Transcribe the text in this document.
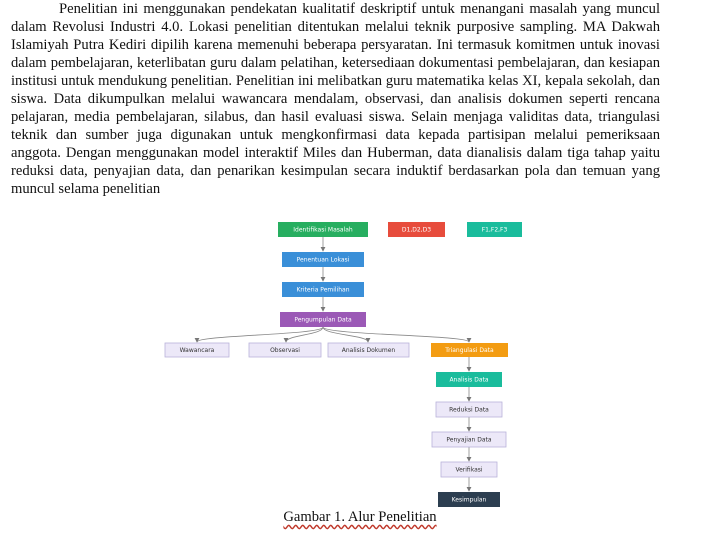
Penelitian ini menggunakan pendekatan kualitatif deskriptif untuk menangani masalah yang muncul dalam Revolusi Industri 4.0. Lokasi penelitian ditentukan melalui teknik purposive sampling. MA Dakwah Islamiyah Putra Kediri dipilih karena memenuhi beberapa persyaratan. Ini termasuk komitmen untuk inovasi dalam pembelajaran, keterlibatan guru dalam pelatihan, ketersediaan dokumentasi pembelajaran, dan kesiapan institusi untuk mendukung penelitian. Penelitian ini melibatkan guru matematika kelas XI, kepala sekolah, dan siswa. Data dikumpulkan melalui wawancara mendalam, observasi, dan analisis dokumen seperti rencana pelajaran, media pembelajaran, silabus, dan hasil evaluasi siswa. Selain menjaga validitas data, triangulasi teknik dan sumber juga digunakan untuk mengkonfirmasi data kepada partisipan melalui pemeriksaan anggota. Dengan menggunakan model interaktif Miles dan Huberman, data dianalisis dalam tiga tahap yaitu reduksi data, penyajian data, dan penarikan kesimpulan secara induktif berdasarkan pola dan temuan yang muncul selama penelitian

Identifikasi Masalah	D1,D2,D3	F1,F2,F3
Penentuan Lokasi
Kriteria Pemilihan
Pengumpulan Data
Wawancara	Observasi	Analisis Dokumen	Triangulasi Data
Analisis Data
Reduksi Data
Penyajian Data
Verifikasi
Kesimpulan
Gambar 1. Alur Penelitian
